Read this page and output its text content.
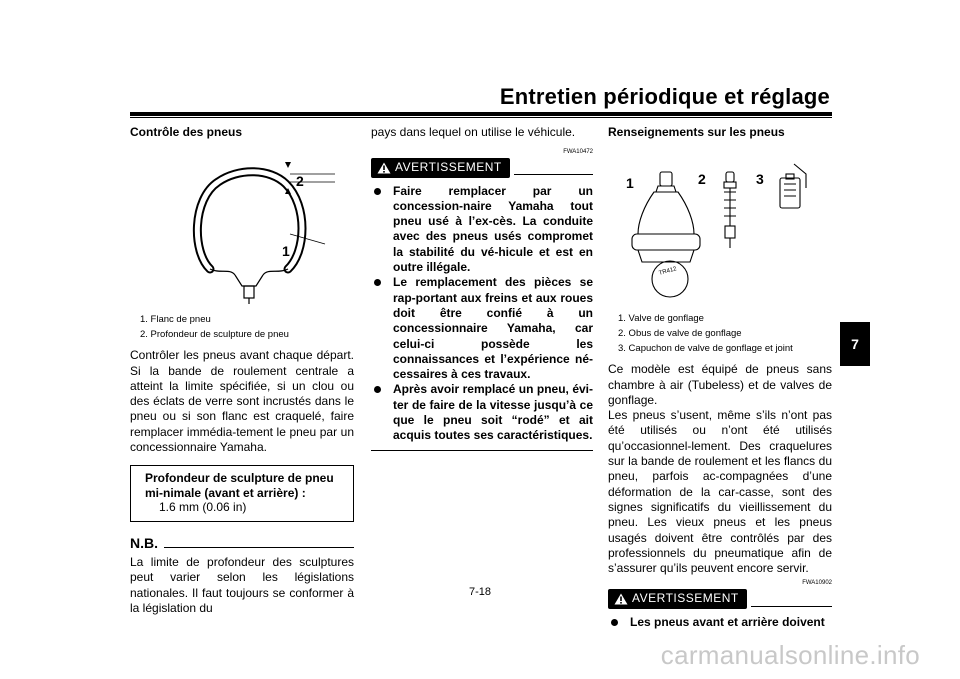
Entretien périodique et réglage
Contrôle des pneus
2
1
1. Flanc de pneu
2. Profondeur de sculpture de pneu

Contrôler les pneus avant chaque départ. Si la bande de roulement centrale a atteint la limite spécifiée, si un clou ou des éclats de verre sont incrustés dans le pneu ou si son flanc est craquelé, faire remplacer immédia-tement le pneu par un concessionnaire Yamaha.

Profondeur de sculpture de pneu mi-nimale (avant et arrière) :
1.6 mm (0.06 in)
N.B.

La limite de profondeur des sculptures peut varier selon les législations nationales. Il faut toujours se conformer à la législation du

pays dans lequel on utilise le véhicule.

FWA10472
AVERTISSEMENT
Faire remplacer par un concession-naire Yamaha tout pneu usé à l’ex-cès. La conduite avec des pneus usés compromet la stabilité du vé-hicule et est en outre illégale.
Le remplacement des pièces se rap-portant aux freins et aux roues doit être confié à un concessionnaire Yamaha, car celui-ci possède les connaissances et l’expérience né-cessaires à ces travaux.
Après avoir remplacé un pneu, évi-ter de faire de la vitesse jusqu’à ce que le pneu soit “rodé” et ait acquis toutes ses caractéristiques.
Renseignements sur les pneus
1	2	3
TR412
1. Valve de gonflage
2. Obus de valve de gonflage
3. Capuchon de valve de gonflage et joint

Ce modèle est équipé de pneus sans chambre à air (Tubeless) et de valves de gonflage.

Les pneus s’usent, même s’ils n’ont pas été utilisés ou n’ont été utilisés qu’occasionnel-lement. Des craquelures sur la bande de roulement et les flancs du pneu, parfois ac-compagnées d’une déformation de la car-casse, sont des signes significatifs du vieillissement du pneu. Les vieux pneus et les pneus usagés doivent être contrôlés par des professionnels du pneumatique afin de s’assurer qu’ils peuvent encore servir.

FWA10902
AVERTISSEMENT
Les pneus avant et arrière doivent
7
7-18
carmanualsonline.info
